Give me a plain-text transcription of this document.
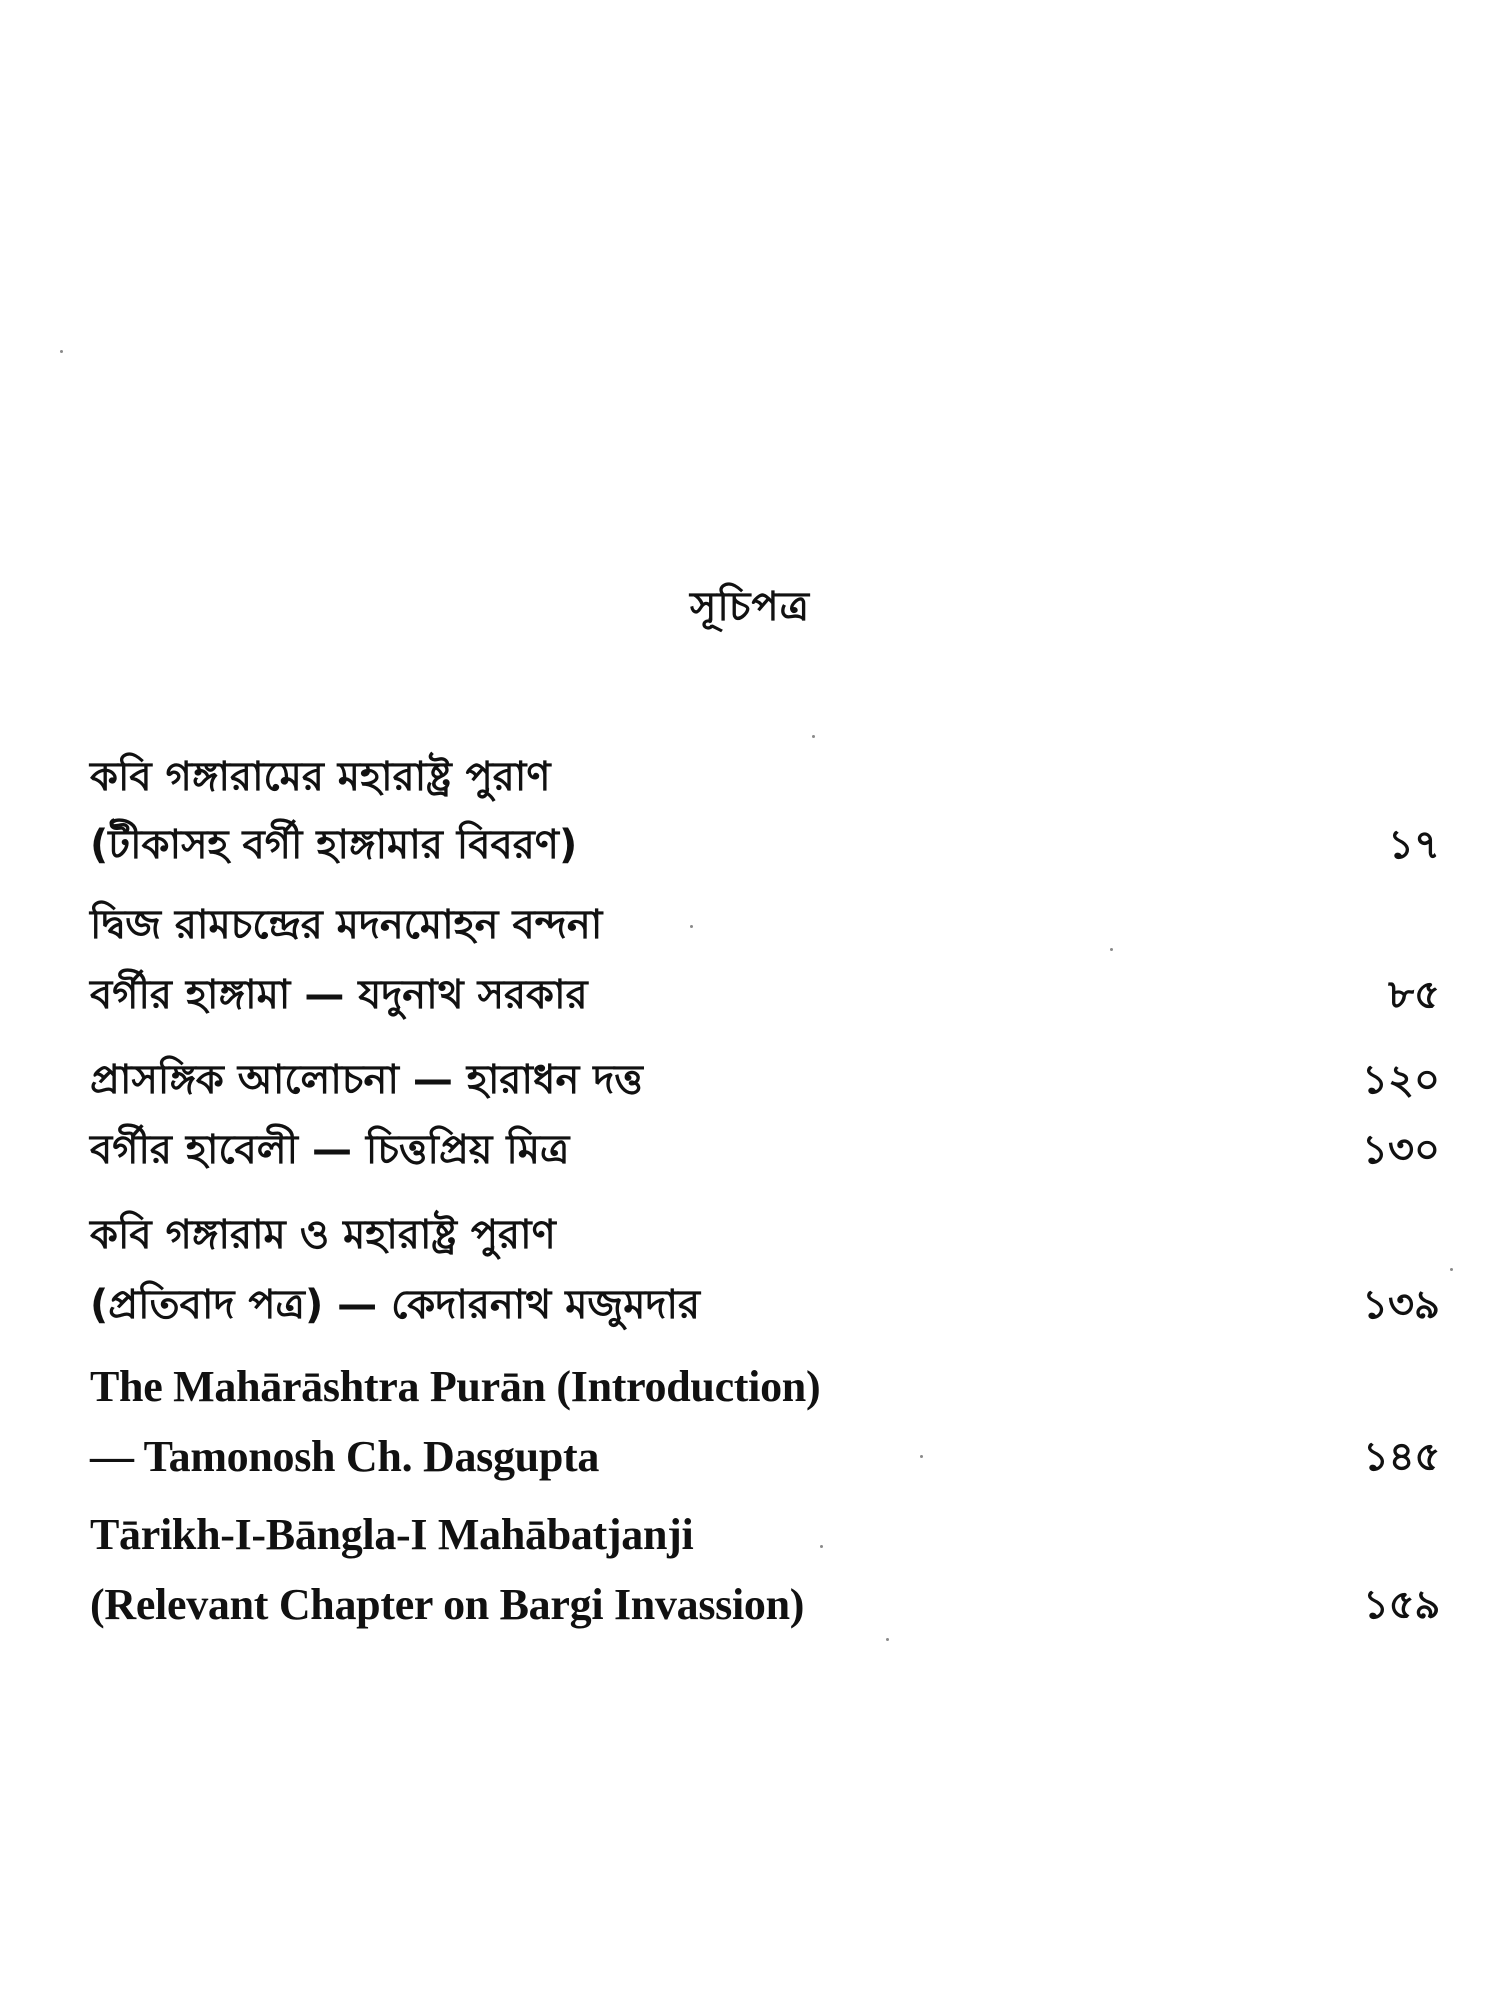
সূচিপত্র
কবি গঙ্গারামের মহারাষ্ট্র পুরাণ
(টীকাসহ বর্গী হাঙ্গামার বিবরণ)	১৭
দ্বিজ রামচন্দ্রের মদনমোহন বন্দনা
বর্গীর হাঙ্গামা — যদুনাথ সরকার	৮৫
প্রাসঙ্গিক আলোচনা — হারাধন দত্ত	১২০
বর্গীর হাবেলী — চিত্তপ্রিয় মিত্র	১৩০
কবি গঙ্গারাম ও মহারাষ্ট্র পুরাণ
(প্রতিবাদ পত্র) — কেদারনাথ মজুমদার	১৩৯
The Mahārāshtra Purān (Introduction)
— Tamonosh Ch. Dasgupta	১৪৫
Tārikh-I-Bāngla-I Mahābatjanji
(Relevant Chapter on Bargi Invassion)	১৫৯
